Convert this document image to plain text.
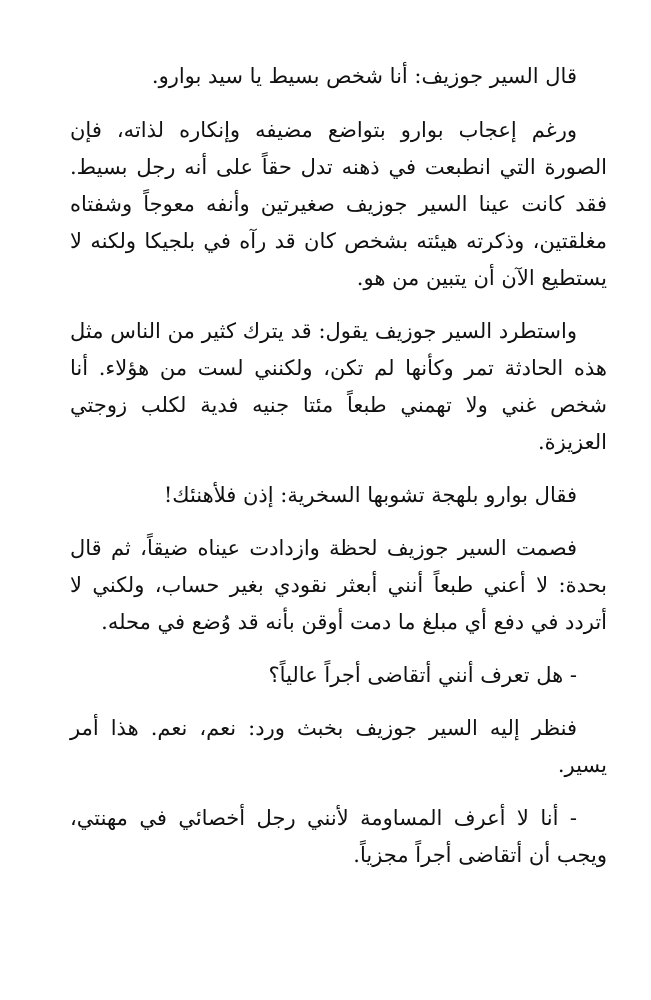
قال السير جوزيف: أنا شخص بسيط يا سيد بوارو.

ورغم إعجاب بوارو بتواضع مضيفه وإنكاره لذاته، فإن الصورة التي انطبعت في ذهنه تدل حقاً على أنه رجل بسيط. فقد كانت عينا السير جوزيف صغيرتين وأنفه معوجاً وشفتاه مغلقتين، وذكرته هيئته بشخص كان قد رآه في بلجيكا ولكنه لا يستطيع الآن أن يتبين من هو.

واستطرد السير جوزيف يقول: قد يترك كثير من الناس مثل هذه الحادثة تمر وكأنها لم تكن، ولكنني لست من هؤلاء. أنا شخص غني ولا تهمني طبعاً مئتا جنيه فدية لكلب زوجتي العزيزة.

فقال بوارو بلهجة تشوبها السخرية: إذن فلأهنئك!

فصمت السير جوزيف لحظة وازدادت عيناه ضيقاً، ثم قال بحدة: لا أعني طبعاً أنني أبعثر نقودي بغير حساب، ولكني لا أتردد في دفع أي مبلغ ما دمت أوقن بأنه قد وُضع في محله.

- هل تعرف أنني أتقاضى أجراً عالياً؟

فنظر إليه السير جوزيف بخبث ورد: نعم، نعم. هذا أمر يسير.

- أنا لا أعرف المساومة لأنني رجل أخصائي في مهنتي، ويجب أن أتقاضى أجراً مجزياً.
